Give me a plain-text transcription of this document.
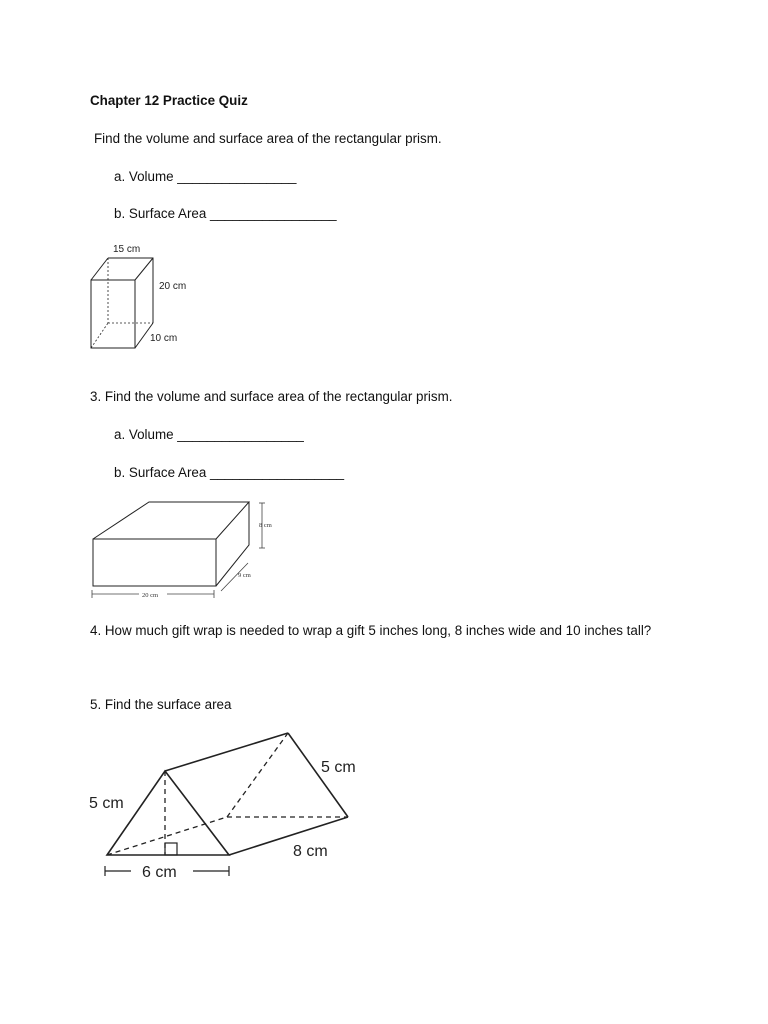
Chapter 12 Practice Quiz
Find the volume and surface area of the rectangular prism.
a. Volume ________________
b. Surface Area _________________
15 cm
20 cm
10 cm
3. Find the volume and surface area of the rectangular prism.
a. Volume _________________
b. Surface Area __________________
8 cm
9 cm
20 cm
4. How much gift wrap is needed to wrap a gift 5 inches long, 8 inches wide and 10 inches tall?
5. Find the surface area
5 cm
5 cm
8 cm
6 cm
